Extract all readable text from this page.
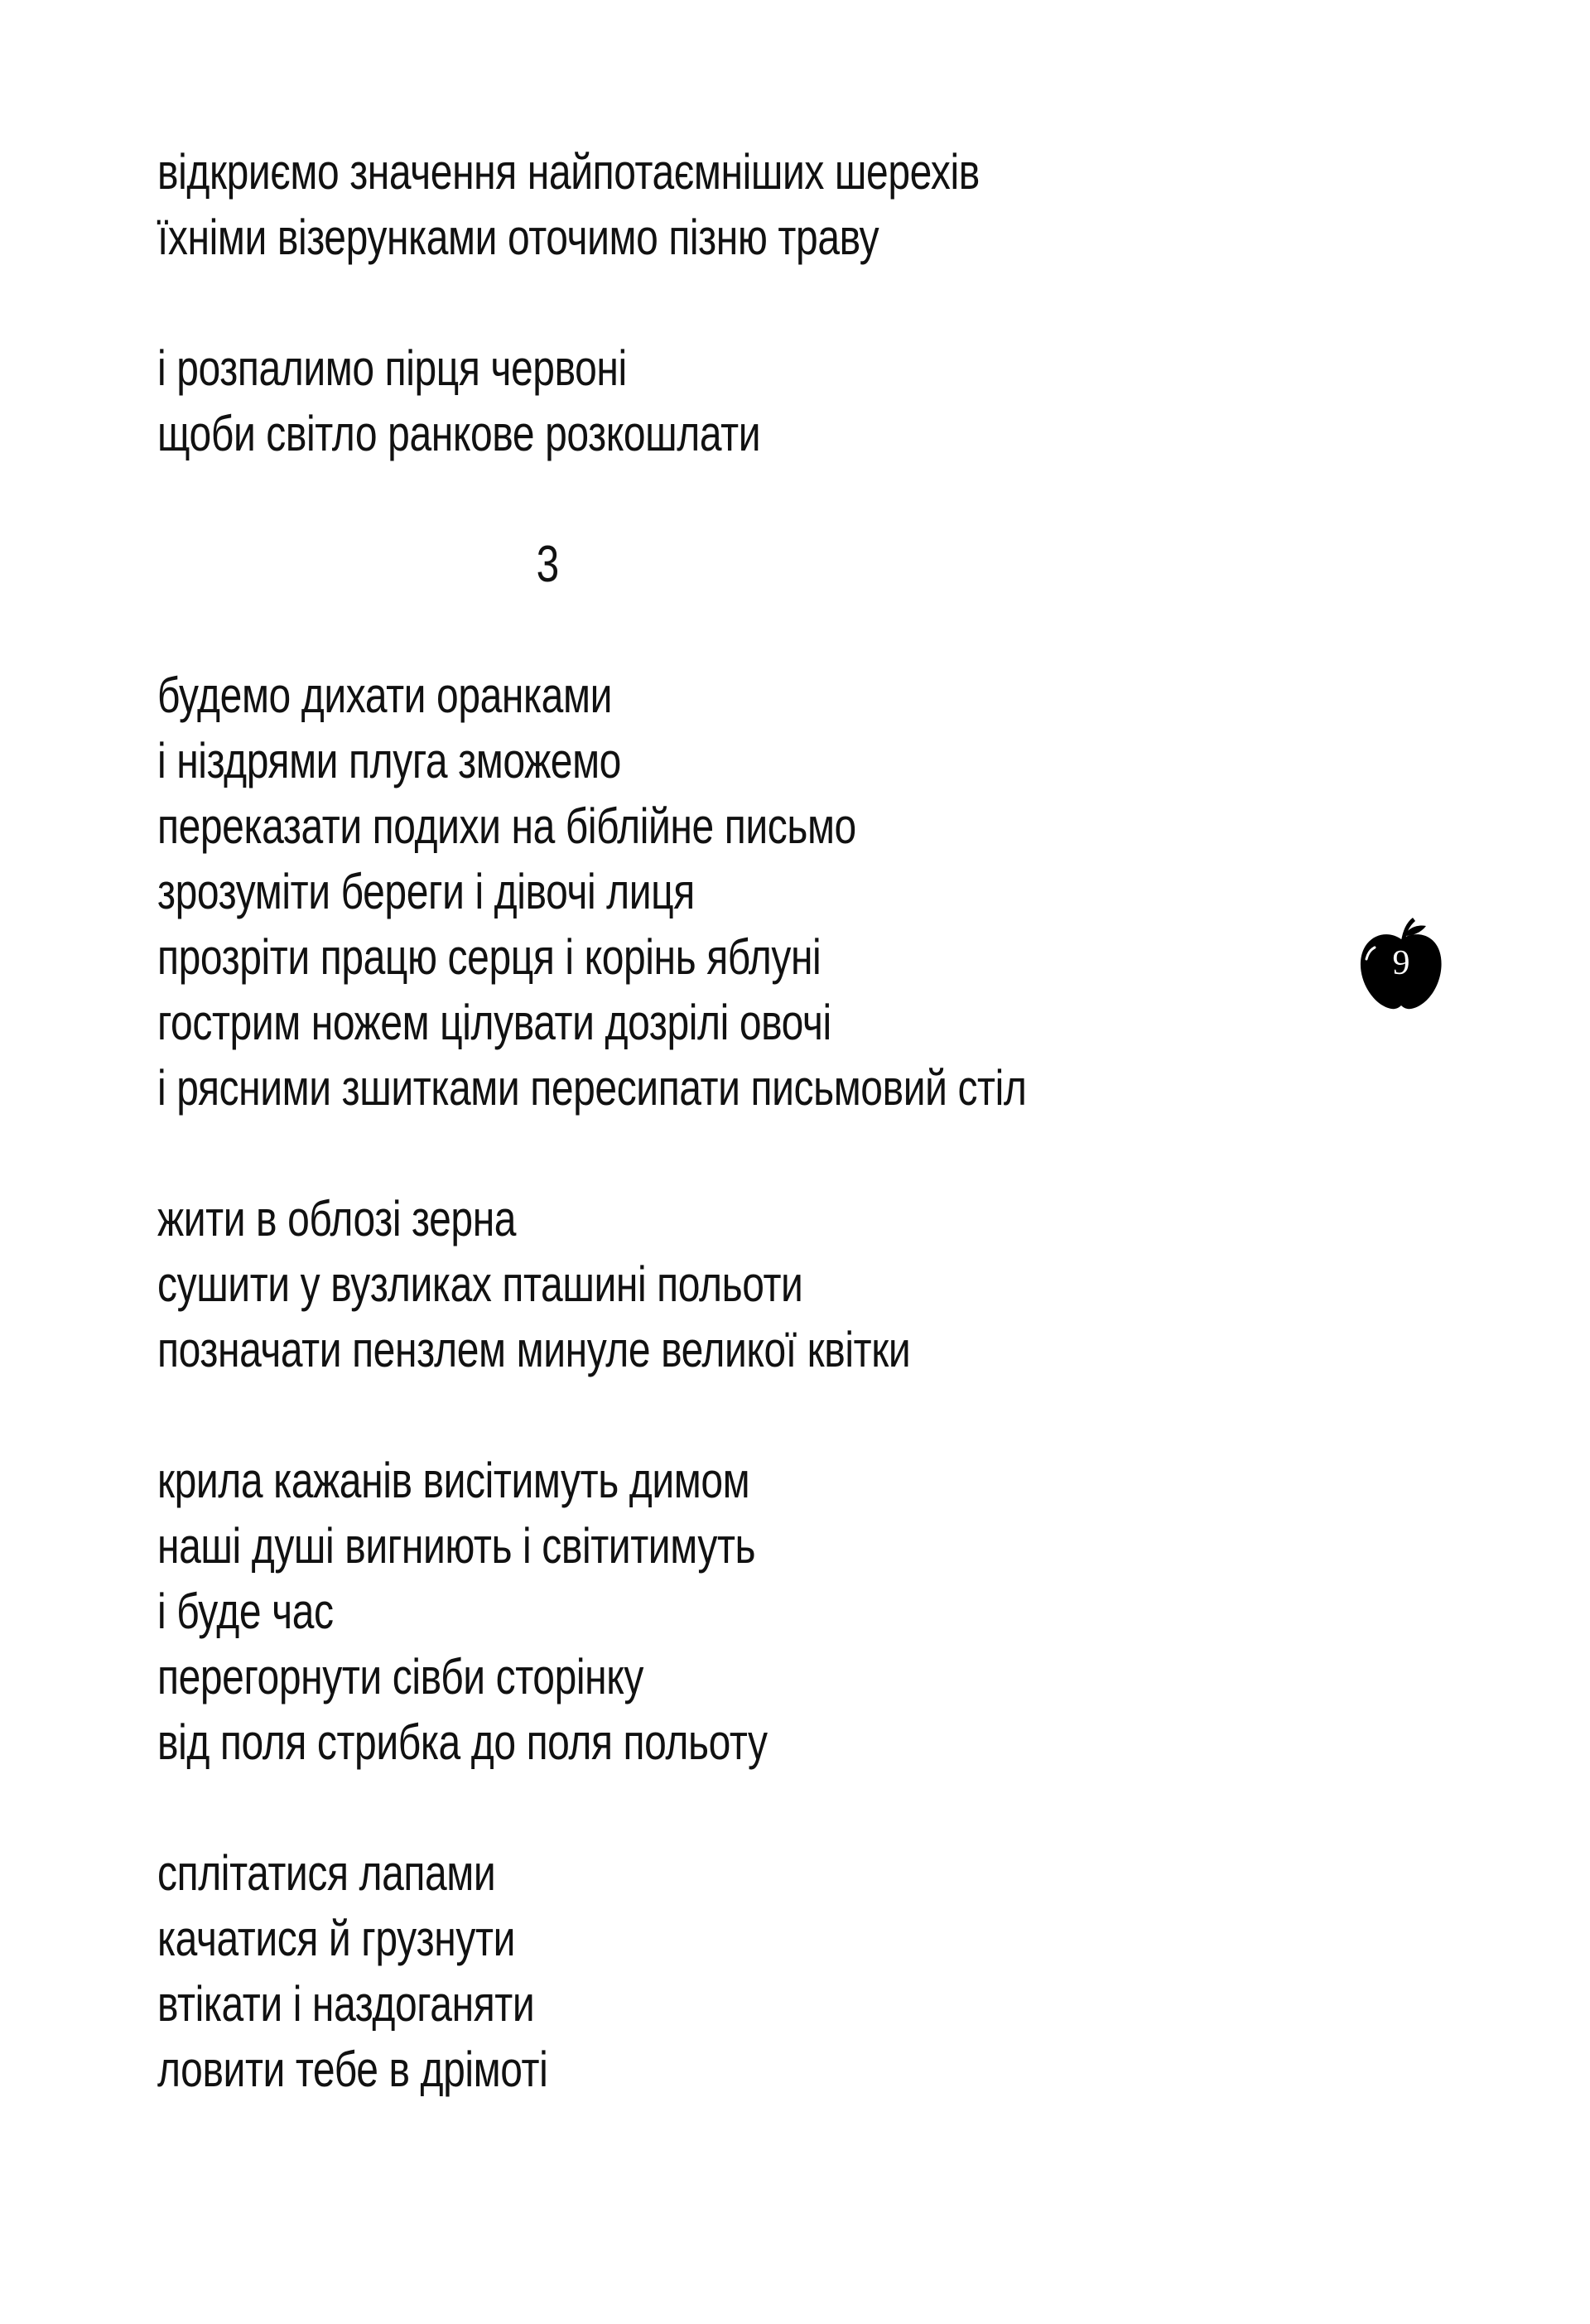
відкриємо значення найпотаємніших шерехів
їхніми візерунками оточимо пізню траву
і розпалимо пірця червоні
щоби світло ранкове розкошлати
3
будемо дихати оранками
і ніздрями плуга зможемо
переказати подихи на біблійне письмо
зрозуміти береги і дівочі лиця
прозріти працю серця і корінь яблуні
гострим ножем цілувати дозрілі овочі
і рясними зшитками пересипати письмовий стіл
жити в облозі зерна
сушити у вузликах пташині польоти
позначати пензлем минуле великої квітки
крила кажанів висітимуть димом
наші душі вигниють і світитимуть
і буде час
перегорнути сівби сторінку
від поля стрибка до поля польоту
сплітатися лапами
качатися й грузнути
втікати і наздоганяти
ловити тебе в дрімоті
9
